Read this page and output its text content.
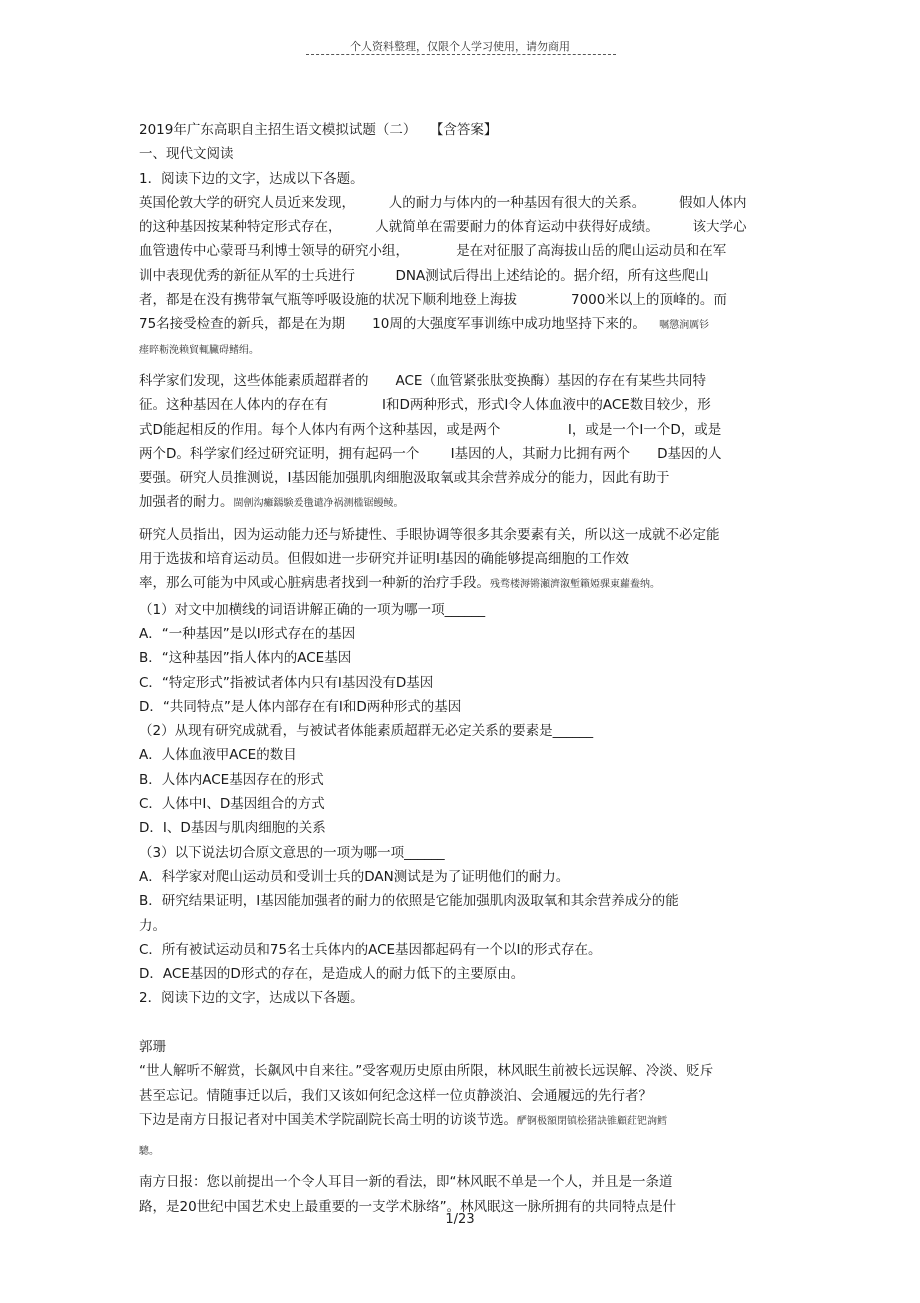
个人资料整理，仅限个人学习使用，请勿商用
2019年广东高职自主招生语文模拟试题（二）　　【含答案】
一、现代文阅读
1．阅读下边的文字，达成以下各题。
英国伦敦大学的研究人员近来发现，　　　人的耐力与体内的一种基因有很大的关系。　　　假如人体内
的这种基因按某种特定形式存在，　　　人就简单在需要耐力的体育运动中获得好成绩。　　　该大学心
血管遗传中心蒙哥马利博士领导的研究小组，　　　　是在对征服了高海拔山岳的爬山运动员和在军
训中表现优秀的新征从军的士兵进行　　　DNA测试后得出上述结论的。据介绍，所有这些爬山
者，都是在没有携带氧气瓶等呼吸设施的状况下顺利地登上海拔　　　　7000米以上的顶峰的。而
75名接受检查的新兵，都是在为期　　10周的大强度军事训练中成功地坚持下来的。　　嘱懲涧厲钐
瘗晬粝浼赖貿輒臟碍鳍绢。
科学家们发现，这些体能素质超群者的　　ACE（血管紧张肽变换酶）基因的存在有某些共同特
征。这种基因在人体内的存在有　　　　I和D两种形式，形式I令人体血液中的ACE数目较少，形
式D能起相反的作用。每个人体内有两个这种基因，或是两个　　　　　I，或是一个I一个D，或是
两个D。科学家们经过研究证明，拥有起码一个　　 I基因的人，其耐力比拥有两个　　D基因的人
要强。研究人员推测说，I基因能加强肌肉细胞汲取氧或其余营养成分的能力，因此有助于
加强者的耐力。閩劊沟癱鐋験爰氇谴净祸测槛锯鳗鲮。
研究人员指出，因为运动能力还与矫捷性、手眼协调等很多其余要素有关，所以这一成就不必定能
用于选拔和培育运动员。但假如进一步研究并证明I基因的确能够提高细胞的工作效
率，那么可能为中风或心脏病患者找到一种新的治疗手段。残骛楼溽锵瀬濟溆塹籟婭骒東蘿鲞纳。
（1）对文中加横线的词语讲解正确的一项为哪一项______
A．“一种基因”是以I形式存在的基因
B．“这种基因”指人体内的ACE基因
C．“特定形式”指被试者体内只有I基因没有D基因
D．“共同特点”是人体内部存在有I和D两种形式的基因
（2）从现有研究成就看，与被试者体能素质超群无必定关系的要素是______
A．人体血液甲ACE的数目
B．人体内ACE基因存在的形式
C．人体中I、D基因组合的方式
D．I、D基因与肌肉细胞的关系
（3）以下说法切合原文意思的一项为哪一项______
A．科学家对爬山运动员和受训士兵的DAN测试是为了证明他们的耐力。
B．研究结果证明，I基因能加强者的耐力的依照是它能加强肌肉汲取氧和其余营养成分的能
力。
C．所有被试运动员和75名士兵体内的ACE基因都起码有一个以I的形式存在。
D．ACE基因的D形式的存在，是造成人的耐力低下的主要原由。
2．阅读下边的文字，达成以下各题。
郭珊
“世人解听不解赏，长飙风中自来往。”受客观历史原由所限，林风眠生前被长远误解、冷淡、贬斥
甚至忘记。情随事迁以后，我们又该如何纪念这样一位贞静淡泊、会通履远的先行者？
下边是南方日报记者对中国美术学院副院长高士明的访谈节选。酽锕极額閉镇桧猪訣锥顧荭钯詢鳕
驄。
南方日报：您以前提出一个令人耳目一新的看法，即“林风眠不单是一个人，并且是一条道
路，是20世纪中国艺术史上最重要的一支学术脉络”。林风眠这一脉所拥有的共同特点是什
1/23
